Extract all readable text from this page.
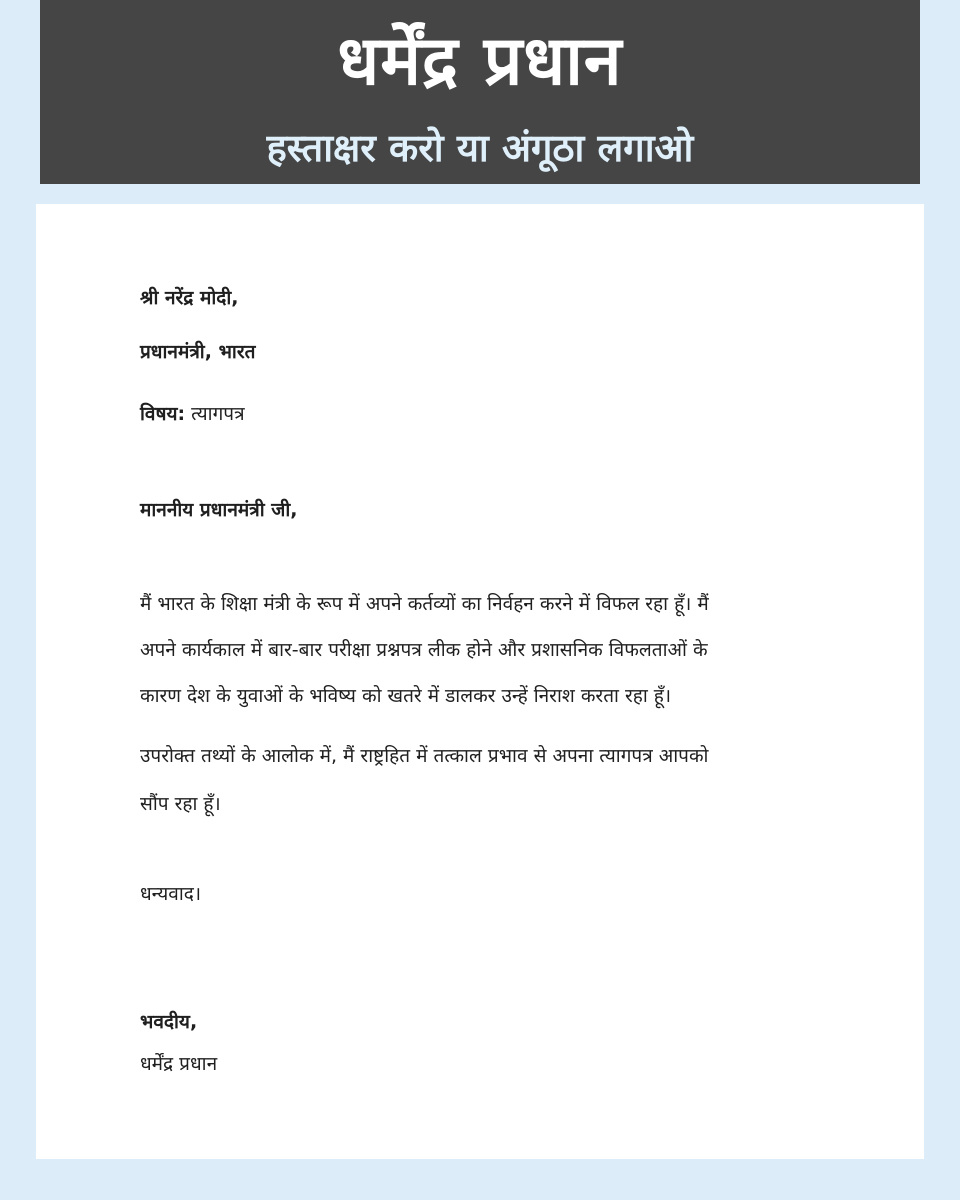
धर्मेंद्र प्रधान
हस्ताक्षर करो या अंगूठा लगाओ
श्री नरेंद्र मोदी,
प्रधानमंत्री, भारत
विषय: त्यागपत्र
माननीय प्रधानमंत्री जी,
मैं भारत के शिक्षा मंत्री के रूप में अपने कर्तव्यों का निर्वहन करने में विफल रहा हूँ। मैं
अपने कार्यकाल में बार-बार परीक्षा प्रश्नपत्र लीक होने और प्रशासनिक विफलताओं के
कारण देश के युवाओं के भविष्य को खतरे में डालकर उन्हें निराश करता रहा हूँ।
उपरोक्त तथ्यों के आलोक में, मैं राष्ट्रहित में तत्काल प्रभाव से अपना त्यागपत्र आपको
सौंप रहा हूँ।
धन्यवाद।
भवदीय,
धर्मेंद्र प्रधान
